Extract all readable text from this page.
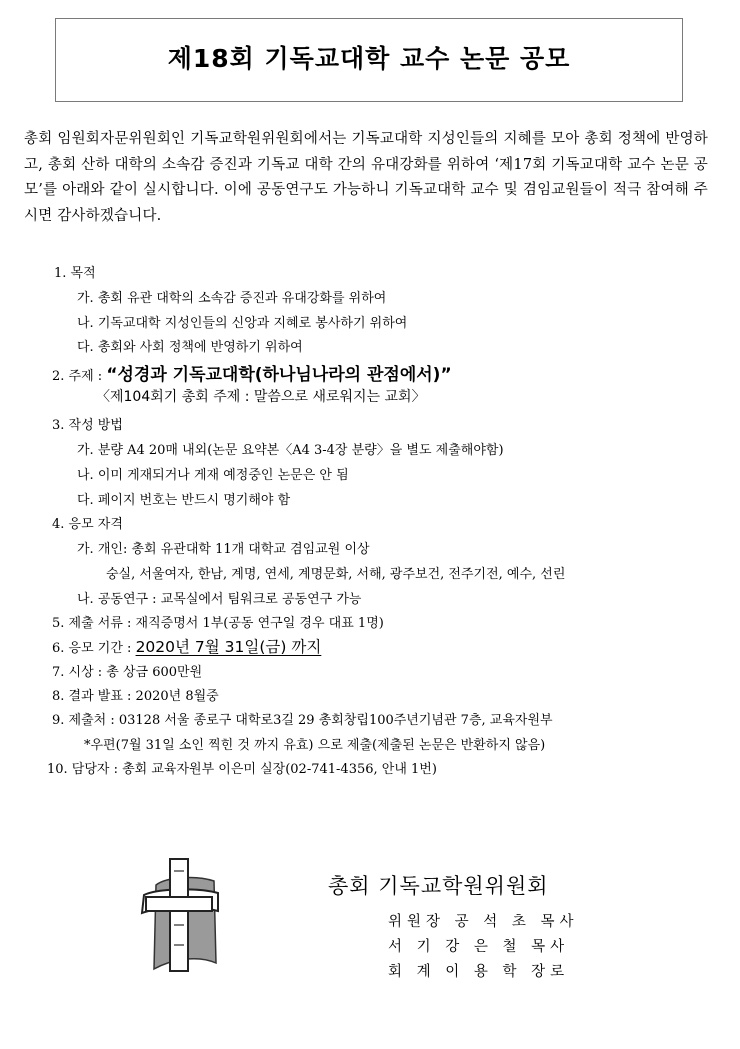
제18회 기독교대학 교수 논문 공모
총회 임원회자문위원회인 기독교학원위원회에서는 기독교대학 지성인들의 지혜를 모아 총회 정책에 반영하고, 총회 산하 대학의 소속감 증진과 기독교 대학 간의 유대강화를 위하여 ‘제17회 기독교대학 교수 논문 공모’를 아래와 같이 실시합니다. 이에 공동연구도 가능하니 기독교대학 교수 및 겸임교원들이 적극 참여해 주시면 감사하겠습니다.
1. 목적
가. 총회 유관 대학의 소속감 증진과 유대강화를 위하여
나. 기독교대학 지성인들의 신앙과 지혜로 봉사하기 위하여
다. 총회와 사회 정책에 반영하기 위하여
2. 주제 : “성경과 기독교대학(하나님나라의 관점에서)”
〈제104회기 총회 주제 : 말씀으로 새로워지는 교회〉
3. 작성 방법
가. 분량 A4 20매 내외(논문 요약본〈A4 3-4장 분량〉을 별도 제출해야함)
나. 이미 게재되거나 게재 예정중인 논문은 안 됨
다. 페이지 번호는 반드시 명기해야 함
4. 응모 자격
가. 개인: 총회 유관대학 11개 대학교 겸임교원 이상
숭실, 서울여자, 한남, 계명, 연세, 계명문화, 서해, 광주보건, 전주기전, 예수, 선린
나. 공동연구 : 교목실에서 팀워크로 공동연구 가능
5. 제출 서류 : 재직증명서 1부(공동 연구일 경우 대표 1명)
6. 응모 기간 : 2020년 7월 31일(금) 까지
7. 시상 : 총 상금 600만원
8. 결과 발표 : 2020년 8월중
9. 제출처 : 03128 서울 종로구 대학로3길 29 총회창립100주년기념관 7층, 교육자원부
*우편(7월 31일 소인 찍힌 것 까지 유효) 으로 제출(제출된 논문은 반환하지 않음)
10. 담당자 : 총회 교육자원부 이은미 실장(02-741-4356, 안내 1번)
총회 기독교학원위원회
위원장 공 석 초 목사
서 기 강 은 철 목사
회 계 이 용 학 장로
